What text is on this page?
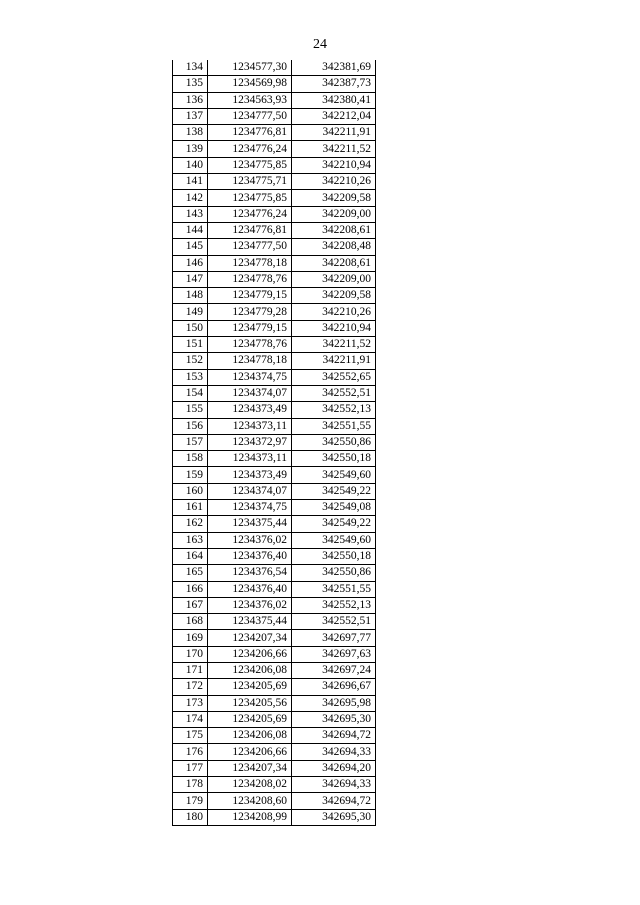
24
134	1234577,30	342381,69
135	1234569,98	342387,73
136	1234563,93	342380,41
137	1234777,50	342212,04
138	1234776,81	342211,91
139	1234776,24	342211,52
140	1234775,85	342210,94
141	1234775,71	342210,26
142	1234775,85	342209,58
143	1234776,24	342209,00
144	1234776,81	342208,61
145	1234777,50	342208,48
146	1234778,18	342208,61
147	1234778,76	342209,00
148	1234779,15	342209,58
149	1234779,28	342210,26
150	1234779,15	342210,94
151	1234778,76	342211,52
152	1234778,18	342211,91
153	1234374,75	342552,65
154	1234374,07	342552,51
155	1234373,49	342552,13
156	1234373,11	342551,55
157	1234372,97	342550,86
158	1234373,11	342550,18
159	1234373,49	342549,60
160	1234374,07	342549,22
161	1234374,75	342549,08
162	1234375,44	342549,22
163	1234376,02	342549,60
164	1234376,40	342550,18
165	1234376,54	342550,86
166	1234376,40	342551,55
167	1234376,02	342552,13
168	1234375,44	342552,51
169	1234207,34	342697,77
170	1234206,66	342697,63
171	1234206,08	342697,24
172	1234205,69	342696,67
173	1234205,56	342695,98
174	1234205,69	342695,30
175	1234206,08	342694,72
176	1234206,66	342694,33
177	1234207,34	342694,20
178	1234208,02	342694,33
179	1234208,60	342694,72
180	1234208,99	342695,30
